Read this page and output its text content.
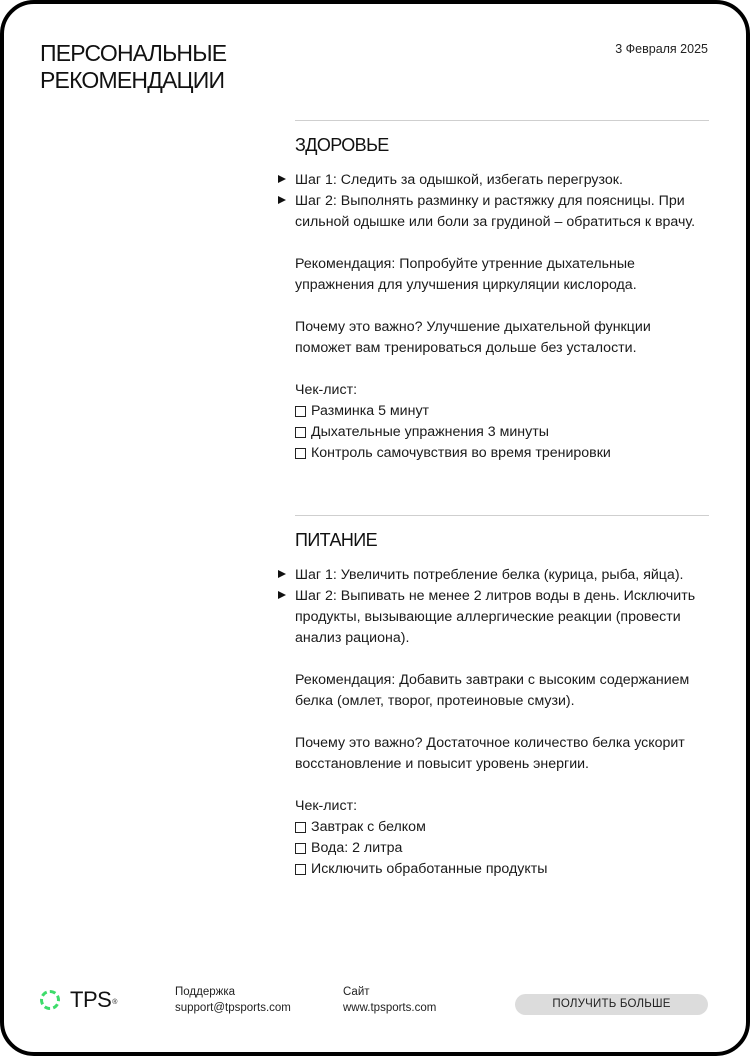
ПЕРСОНАЛЬНЫЕ
РЕКОМЕНДАЦИИ
3 Февраля 2025
ЗДОРОВЬЕ
Шаг 1: Следить за одышкой, избегать перегрузок.
Шаг 2: Выполнять разминку и растяжку для поясницы. При сильной одышке или боли за грудиной – обратиться к врачу.
Рекомендация: Попробуйте утренние дыхательные упражнения для улучшения циркуляции кислорода.
Почему это важно? Улучшение дыхательной функции поможет вам тренироваться дольше без усталости.
Чек-лист:
Разминка 5 минут
Дыхательные упражнения 3 минуты
Контроль самочувствия во время тренировки
ПИТАНИЕ
Шаг 1: Увеличить потребление белка (курица, рыба, яйца).
Шаг 2: Выпивать не менее 2 литров воды в день. Исключить продукты, вызывающие аллергические реакции (провести анализ рациона).
Рекомендация: Добавить завтраки с высоким содержанием белка (омлет, творог, протеиновые смузи).
Почему это важно? Достаточное количество белка ускорит восстановление и повысит уровень энергии.
Чек-лист:
Завтрак с белком
Вода: 2 литра
Исключить обработанные продукты
TPS ®
Поддержка
support@tpsports.com
Сайт
www.tpsports.com	ПОЛУЧИТЬ БОЛЬШЕ
